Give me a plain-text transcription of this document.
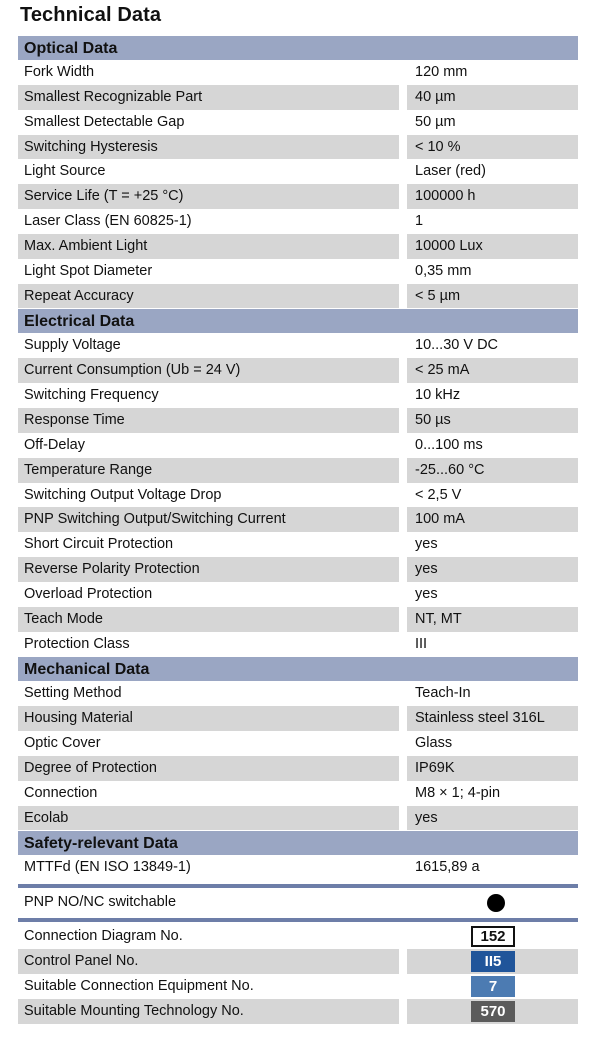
Technical Data
Optical Data
Fork Width	120 mm
Smallest Recognizable Part	40 µm
Smallest Detectable Gap	50 µm
Switching Hysteresis	< 10 %
Light Source	Laser (red)
Service Life (T = +25 °C)	100000 h
Laser Class (EN 60825-1)	1
Max. Ambient Light	10000 Lux
Light Spot Diameter	0,35 mm
Repeat Accuracy	< 5 µm
Electrical Data
Supply Voltage	10...30 V DC
Current Consumption (Ub = 24 V)	< 25 mA
Switching Frequency	10 kHz
Response Time	50 µs
Off-Delay	0...100 ms
Temperature Range	-25...60 °C
Switching Output Voltage Drop	< 2,5 V
PNP Switching Output/Switching Current	100 mA
Short Circuit Protection	yes
Reverse Polarity Protection	yes
Overload Protection	yes
Teach Mode	NT, MT
Protection Class	III
Mechanical Data
Setting Method	Teach-In
Housing Material	Stainless steel 316L
Optic Cover	Glass
Degree of Protection	IP69K
Connection	M8 × 1; 4-pin
Ecolab	yes
Safety-relevant Data
MTTFd (EN ISO 13849-1)	1615,89 a
PNP NO/NC switchable
Connection Diagram No.	152
Control Panel No.	II5
Suitable Connection Equipment No.	7
Suitable Mounting Technology No.	570
